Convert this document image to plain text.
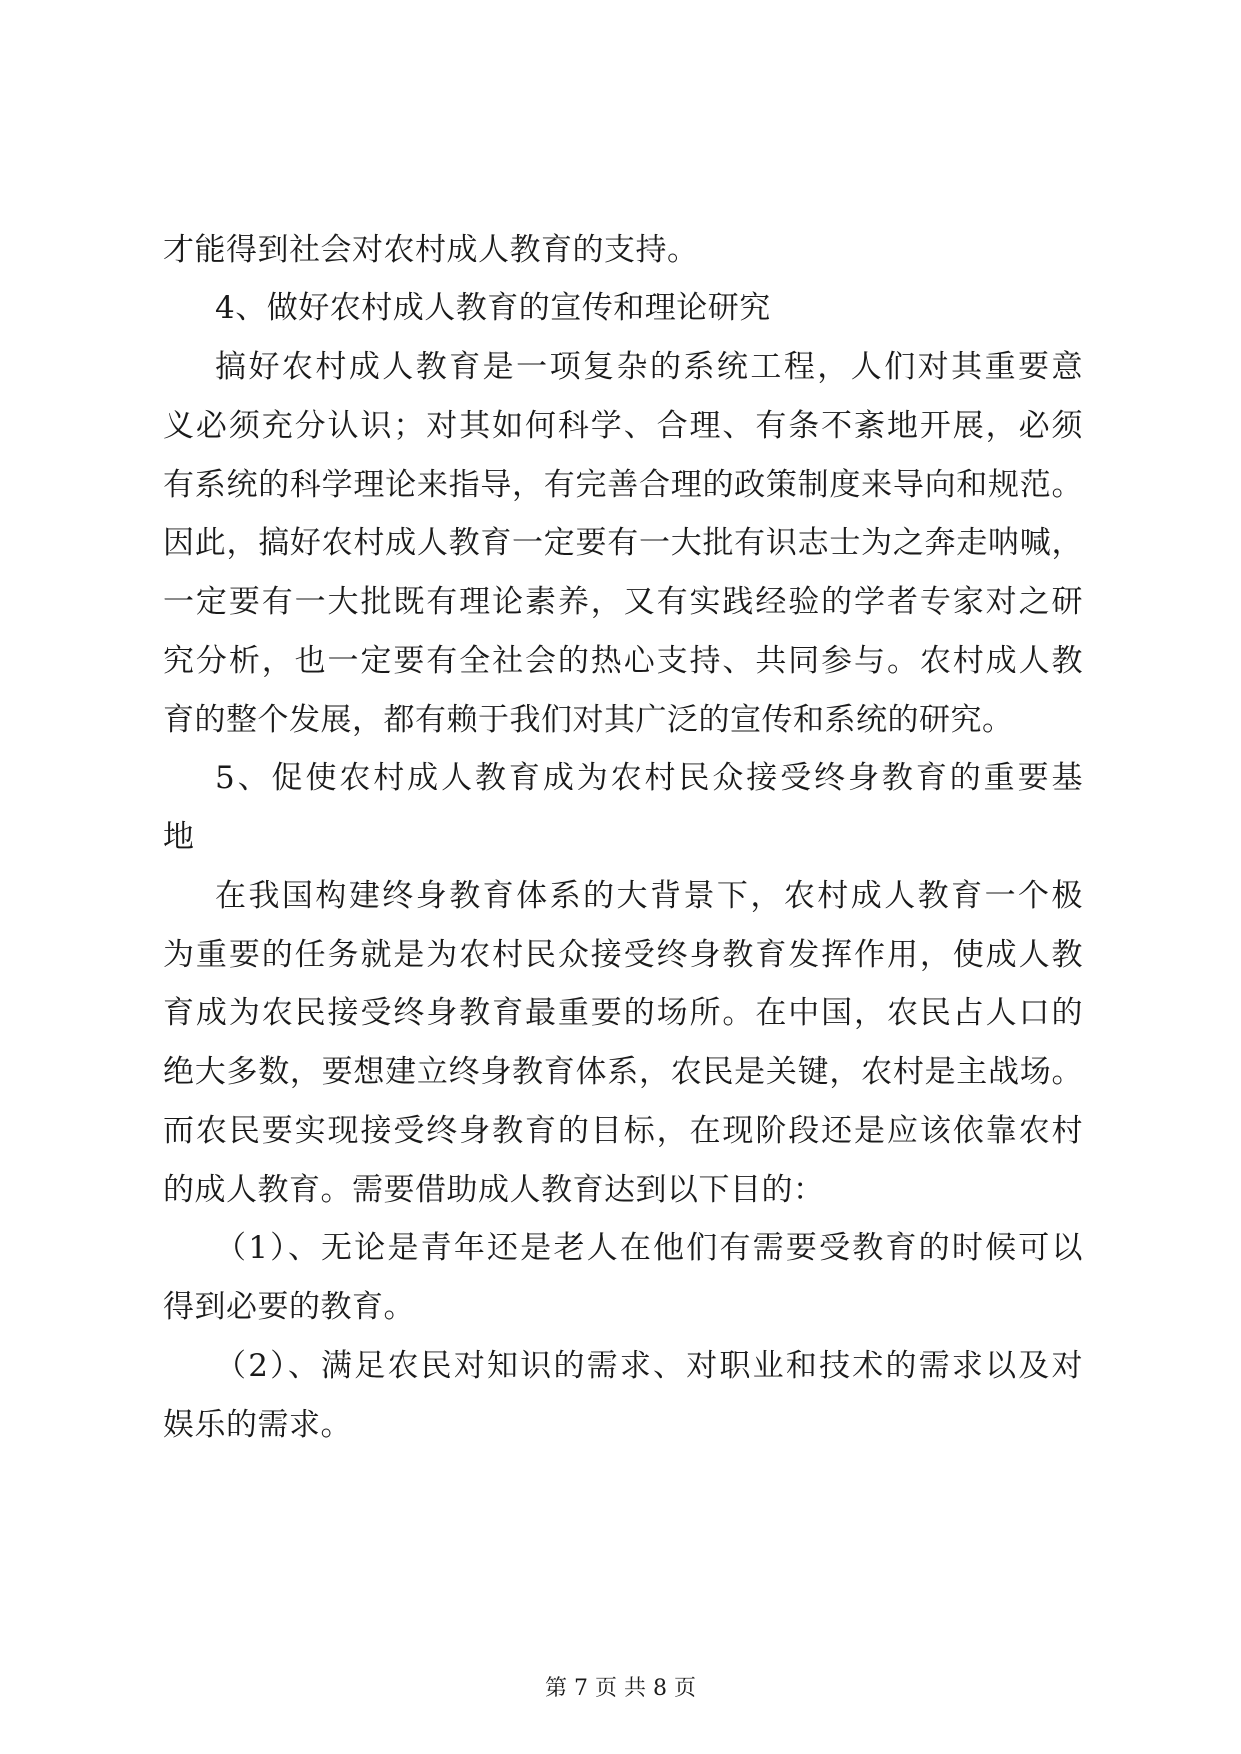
才能得到社会对农村成人教育的支持。
4、做好农村成人教育的宣传和理论研究
搞好农村成人教育是一项复杂的系统工程，人们对其重要意
义必须充分认识；对其如何科学、合理、有条不紊地开展，必须
有系统的科学理论来指导，有完善合理的政策制度来导向和规范。
因此，搞好农村成人教育一定要有一大批有识志士为之奔走呐喊，
一定要有一大批既有理论素养，又有实践经验的学者专家对之研
究分析，也一定要有全社会的热心支持、共同参与。农村成人教
育的整个发展，都有赖于我们对其广泛的宣传和系统的研究。
5、促使农村成人教育成为农村民众接受终身教育的重要基
地
在我国构建终身教育体系的大背景下，农村成人教育一个极
为重要的任务就是为农村民众接受终身教育发挥作用，使成人教
育成为农民接受终身教育最重要的场所。在中国，农民占人口的
绝大多数，要想建立终身教育体系，农民是关键，农村是主战场。
而农民要实现接受终身教育的目标，在现阶段还是应该依靠农村
的成人教育。需要借助成人教育达到以下目的：
（1）、无论是青年还是老人在他们有需要受教育的时候可以
得到必要的教育。
（2）、满足农民对知识的需求、对职业和技术的需求以及对
娱乐的需求。
第 7 页 共 8 页
